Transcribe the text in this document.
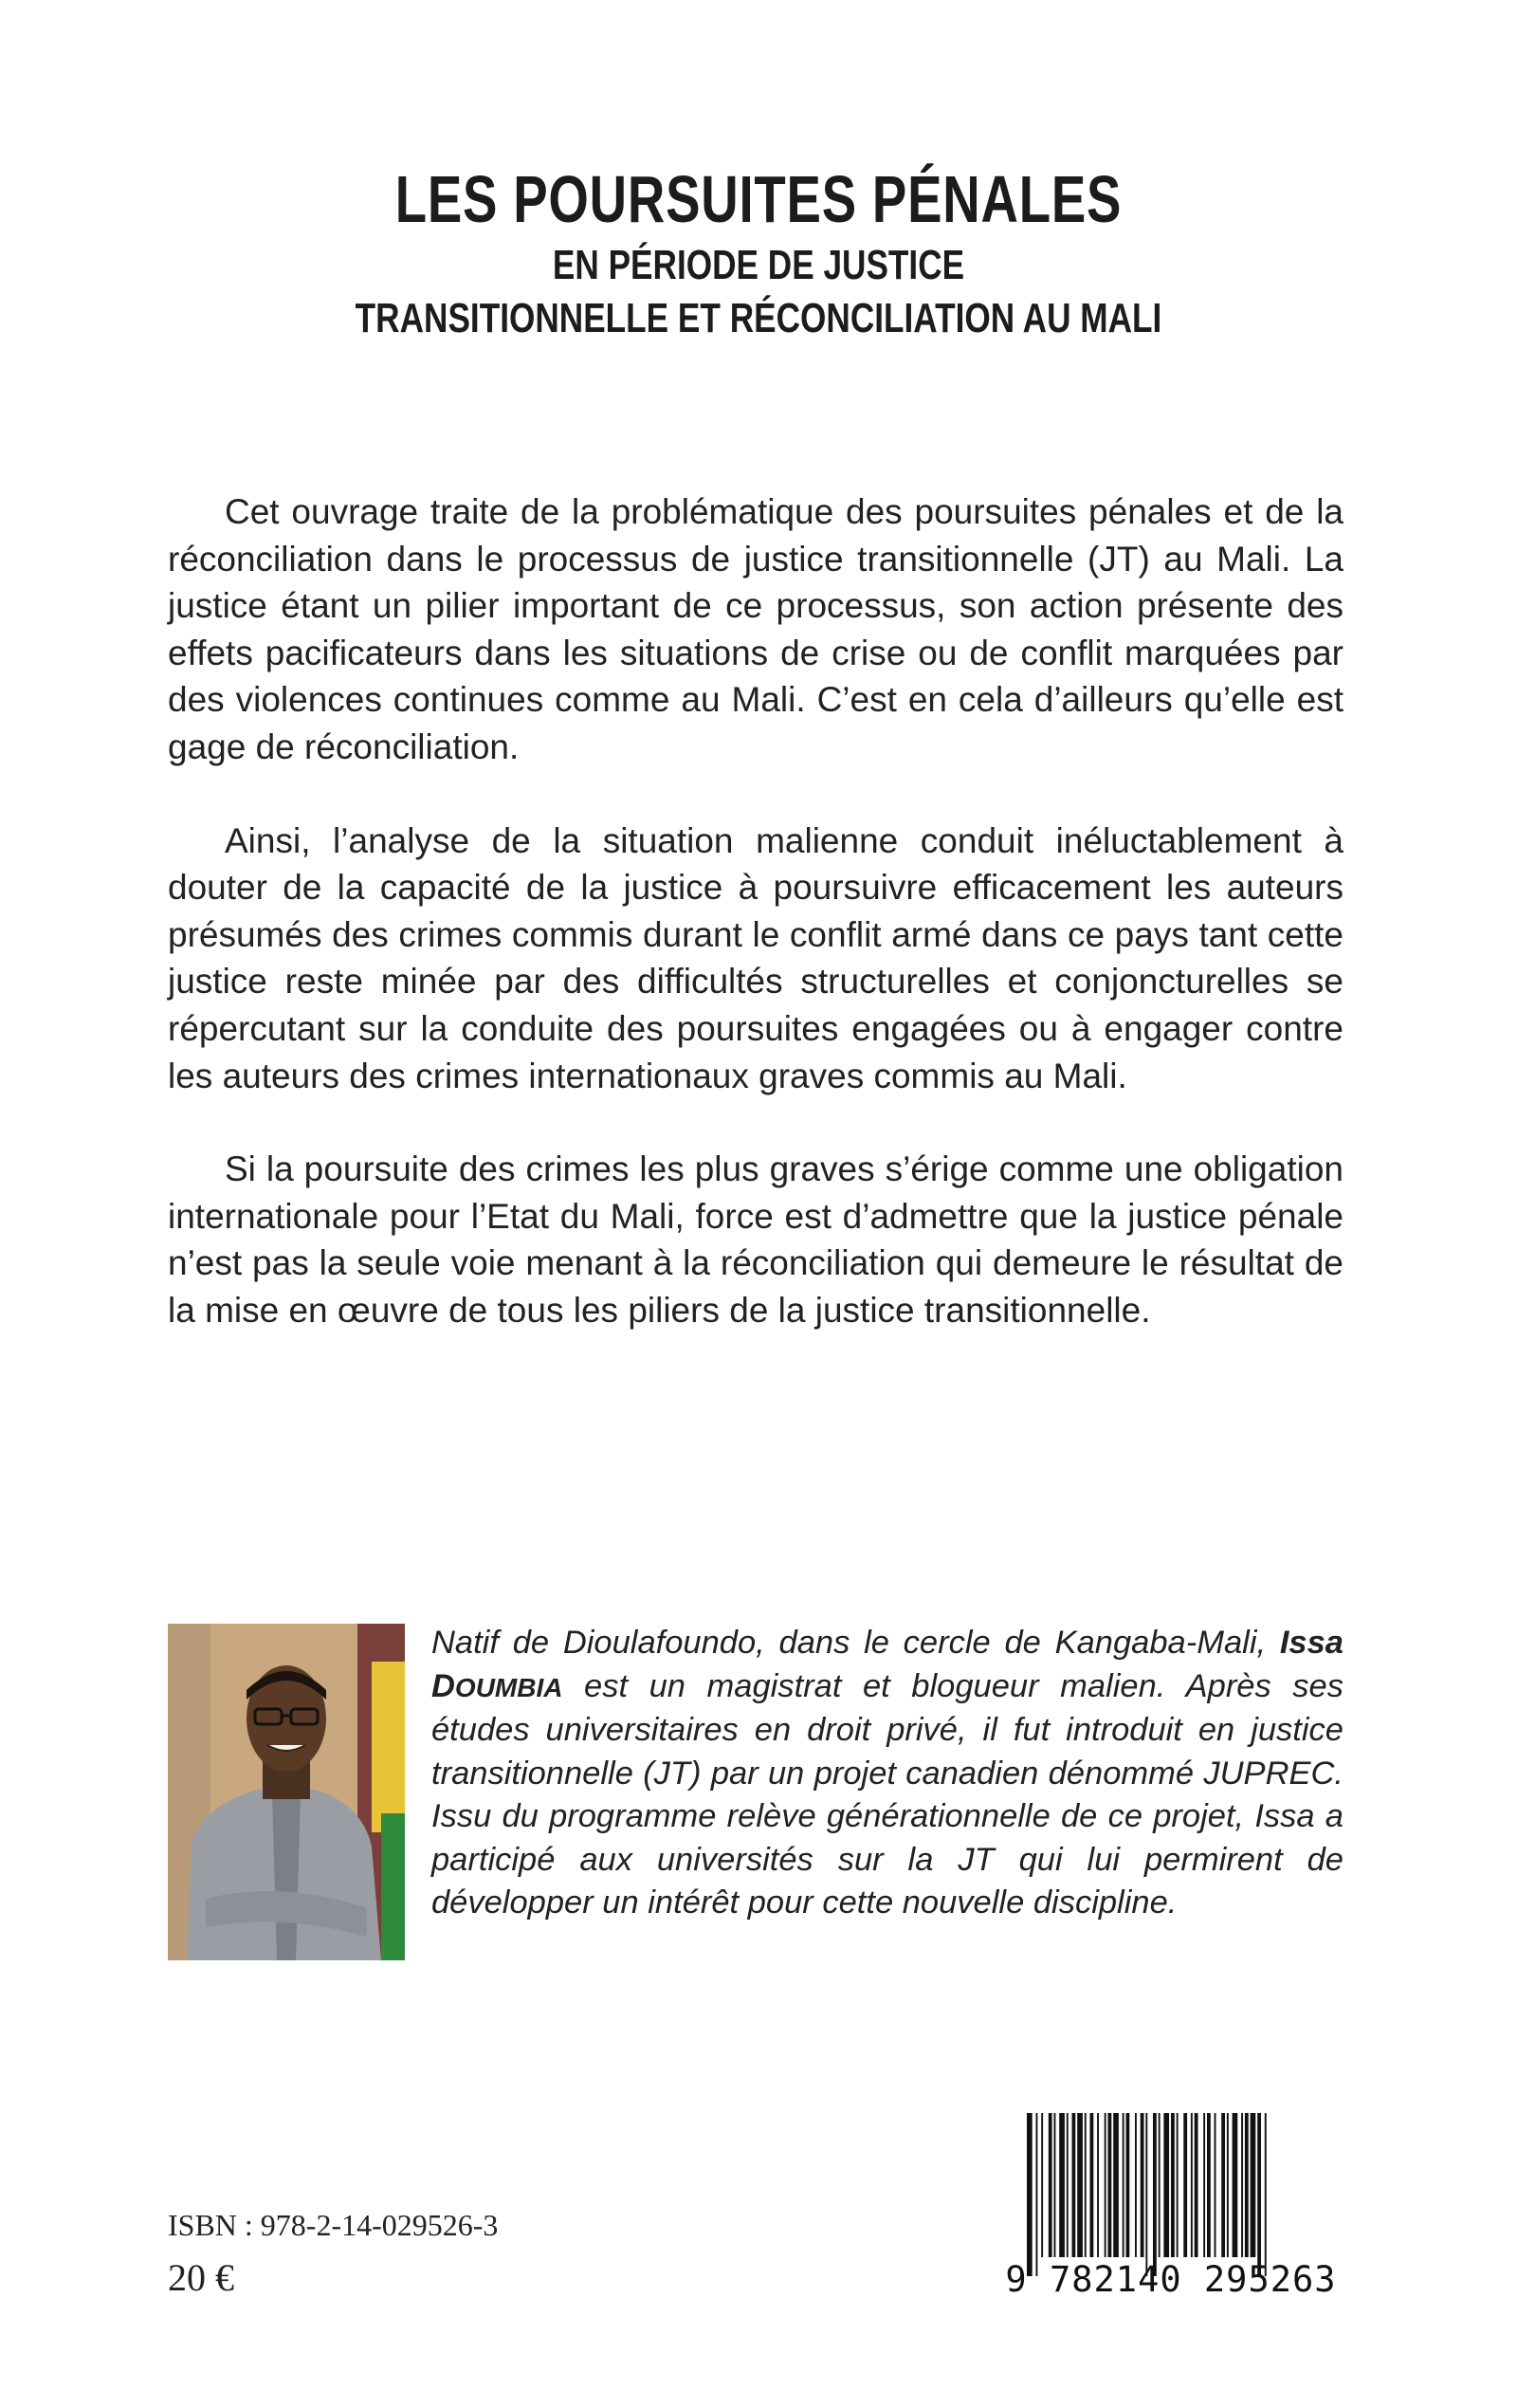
LES POURSUITES PÉNALES
EN PÉRIODE DE JUSTICE
TRANSITIONNELLE ET RÉCONCILIATION AU MALI

Cet ouvrage traite de la problématique des poursuites pénales et de la réconciliation dans le processus de justice transitionnelle (JT) au Mali. La justice étant un pilier important de ce processus, son action présente des effets pacificateurs dans les situations de crise ou de conflit marquées par des violences continues comme au Mali. C’est en cela d’ailleurs qu’elle est gage de réconciliation.

Ainsi, l’analyse de la situation malienne conduit inéluctablement à douter de la capacité de la justice à poursuivre efficacement les auteurs présumés des crimes commis durant le conflit armé dans ce pays tant cette justice reste minée par des difficultés structurelles et conjoncturelles se répercutant sur la conduite des poursuites engagées ou à engager contre les auteurs des crimes internationaux graves commis au Mali.

Si la poursuite des crimes les plus graves s’érige comme une obligation internationale pour l’Etat du Mali, force est d’admettre que la justice pénale n’est pas la seule voie menant à la réconciliation qui demeure le résultat de la mise en œuvre de tous les piliers de la justice transitionnelle.

Natif de Dioulafoundo, dans le cercle de Kangaba-Mali, Issa DOUMBIA est un magistrat et blogueur malien. Après ses études universitaires en droit privé, il fut introduit en justice transitionnelle (JT) par un projet canadien dénommé JUPREC. Issu du programme relève générationnelle de ce projet, Issa a participé aux universités sur la JT qui lui permirent de développer un intérêt pour cette nouvelle discipline.
ISBN : 978-2-14-029526-3
20 €	9 782140 295263
